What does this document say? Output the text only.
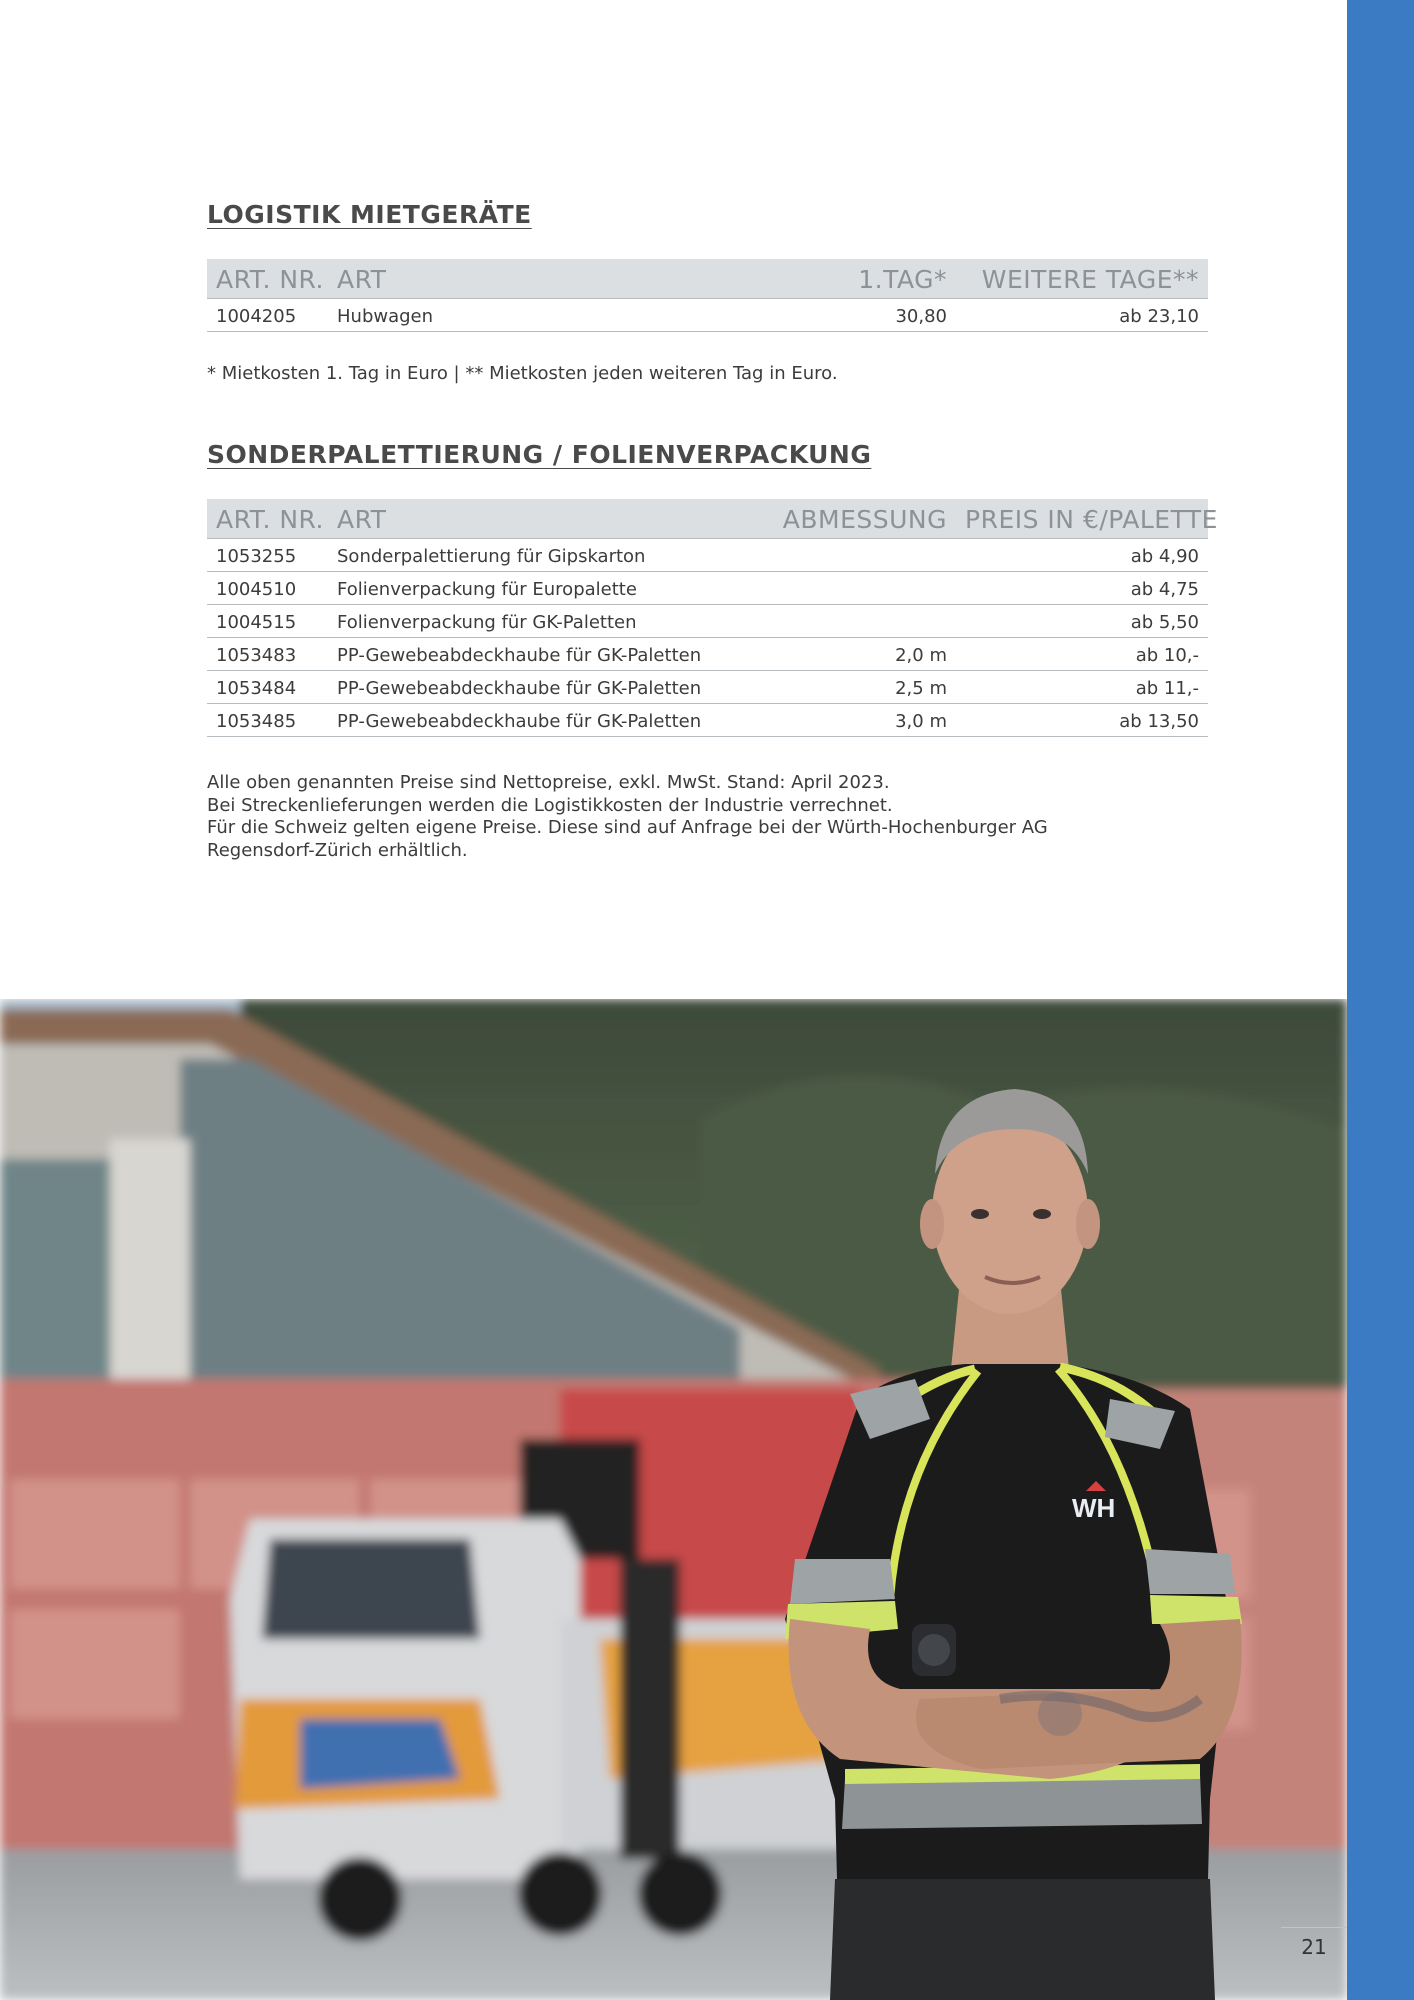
LOGISTIK MIETGERÄTE
ART. NR.	ART	1.TAG*	WEITERE TAGE**
1004205	Hubwagen	30,80	ab 23,10
* Mietkosten 1. Tag in Euro | ** Mietkosten jeden weiteren Tag in Euro.
SONDERPALETTIERUNG / FOLIENVERPACKUNG
ART. NR.	ART	ABMESSUNG	PREIS IN €/PALETTE
1053255	Sonderpalettierung für Gipskarton		ab 4,90
1004510	Folienverpackung für Europalette		ab 4,75
1004515	Folienverpackung für GK-Paletten		ab 5,50
1053483	PP-Gewebeabdeckhaube für GK-Paletten	2,0 m	ab 10,-
1053484	PP-Gewebeabdeckhaube für GK-Paletten	2,5 m	ab 11,-
1053485	PP-Gewebeabdeckhaube für GK-Paletten	3,0 m	ab 13,50
Alle oben genannten Preise sind Nettopreise, exkl. MwSt. Stand: April 2023.
Bei Streckenlieferungen werden die Logistikkosten der Industrie verrechnet.
Für die Schweiz gelten eigene Preise. Diese sind auf Anfrage bei der Würth-Hochenburger AG
Regensdorf-Zürich erhältlich.
WH
21
